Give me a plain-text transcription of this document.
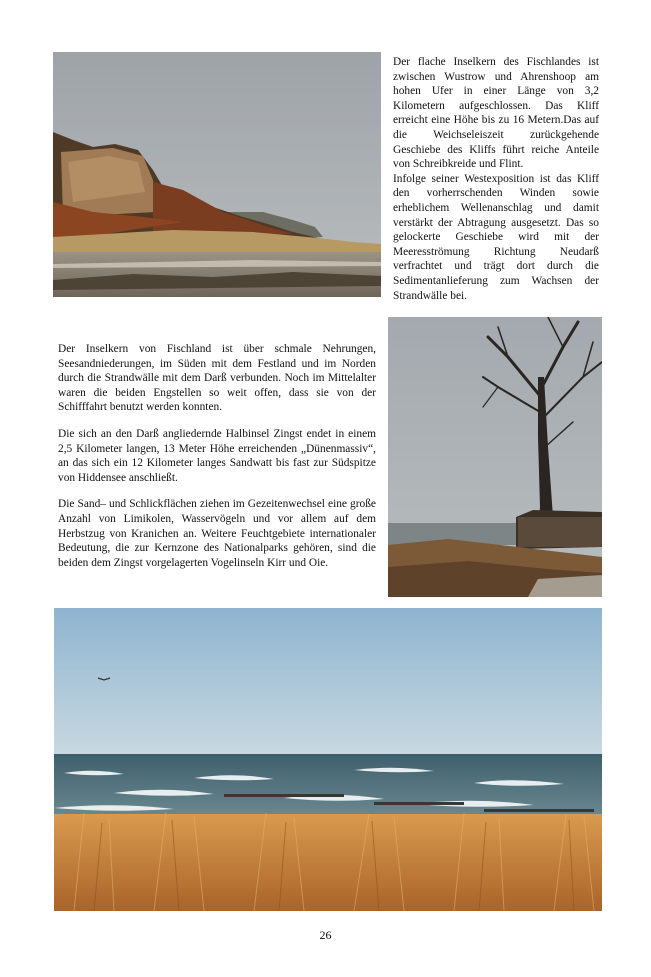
Der flache Inselkern des Fischlandes ist zwischen Wustrow und Ahrenshoop am hohen Ufer in einer Länge von 3,2 Kilometern aufgeschlossen. Das Kliff erreicht eine Höhe bis zu 16 Metern.Das auf die Weichseleiszeit zurückgehende Geschiebe des Kliffs führt reiche Anteile von Schreibkreide und Flint.

Infolge seiner Westexposition ist das Kliff den vorherrschenden Winden sowie erheblichem Wellenanschlag und damit verstärkt der Abtragung ausgesetzt. Das so gelockerte Geschiebe wird mit der Meeresströmung Richtung Neudarß verfrachtet und trägt dort durch die Sedimentanlieferung zum Wachsen der Strandwälle bei.

Der Inselkern von Fischland ist über schmale Nehrungen, Seesandniederungen, im Süden mit dem Festland und im Norden durch die Strandwälle mit dem Darß verbunden. Noch im Mittelalter waren die beiden Engstellen so weit offen, dass sie von der Schifffahrt benutzt werden konnten.

Die sich an den Darß angliedernde Halbinsel Zingst endet in einem 2,5 Kilometer langen, 13 Meter Höhe erreichenden „Dünenmassiv“, an das sich ein 12 Kilometer langes Sandwatt bis fast zur Südspitze von Hiddensee anschließt.

Die Sand– und Schlickflächen ziehen im Gezeitenwechsel eine große Anzahl von Limikolen, Wasservögeln und vor allem auf dem Herbstzug von Kranichen an. Weitere Feuchtgebiete internationaler Bedeutung, die zur Kernzone des Nationalparks gehören, sind die beiden dem Zingst vorgelagerten Vogelinseln Kirr und Oie.

26
